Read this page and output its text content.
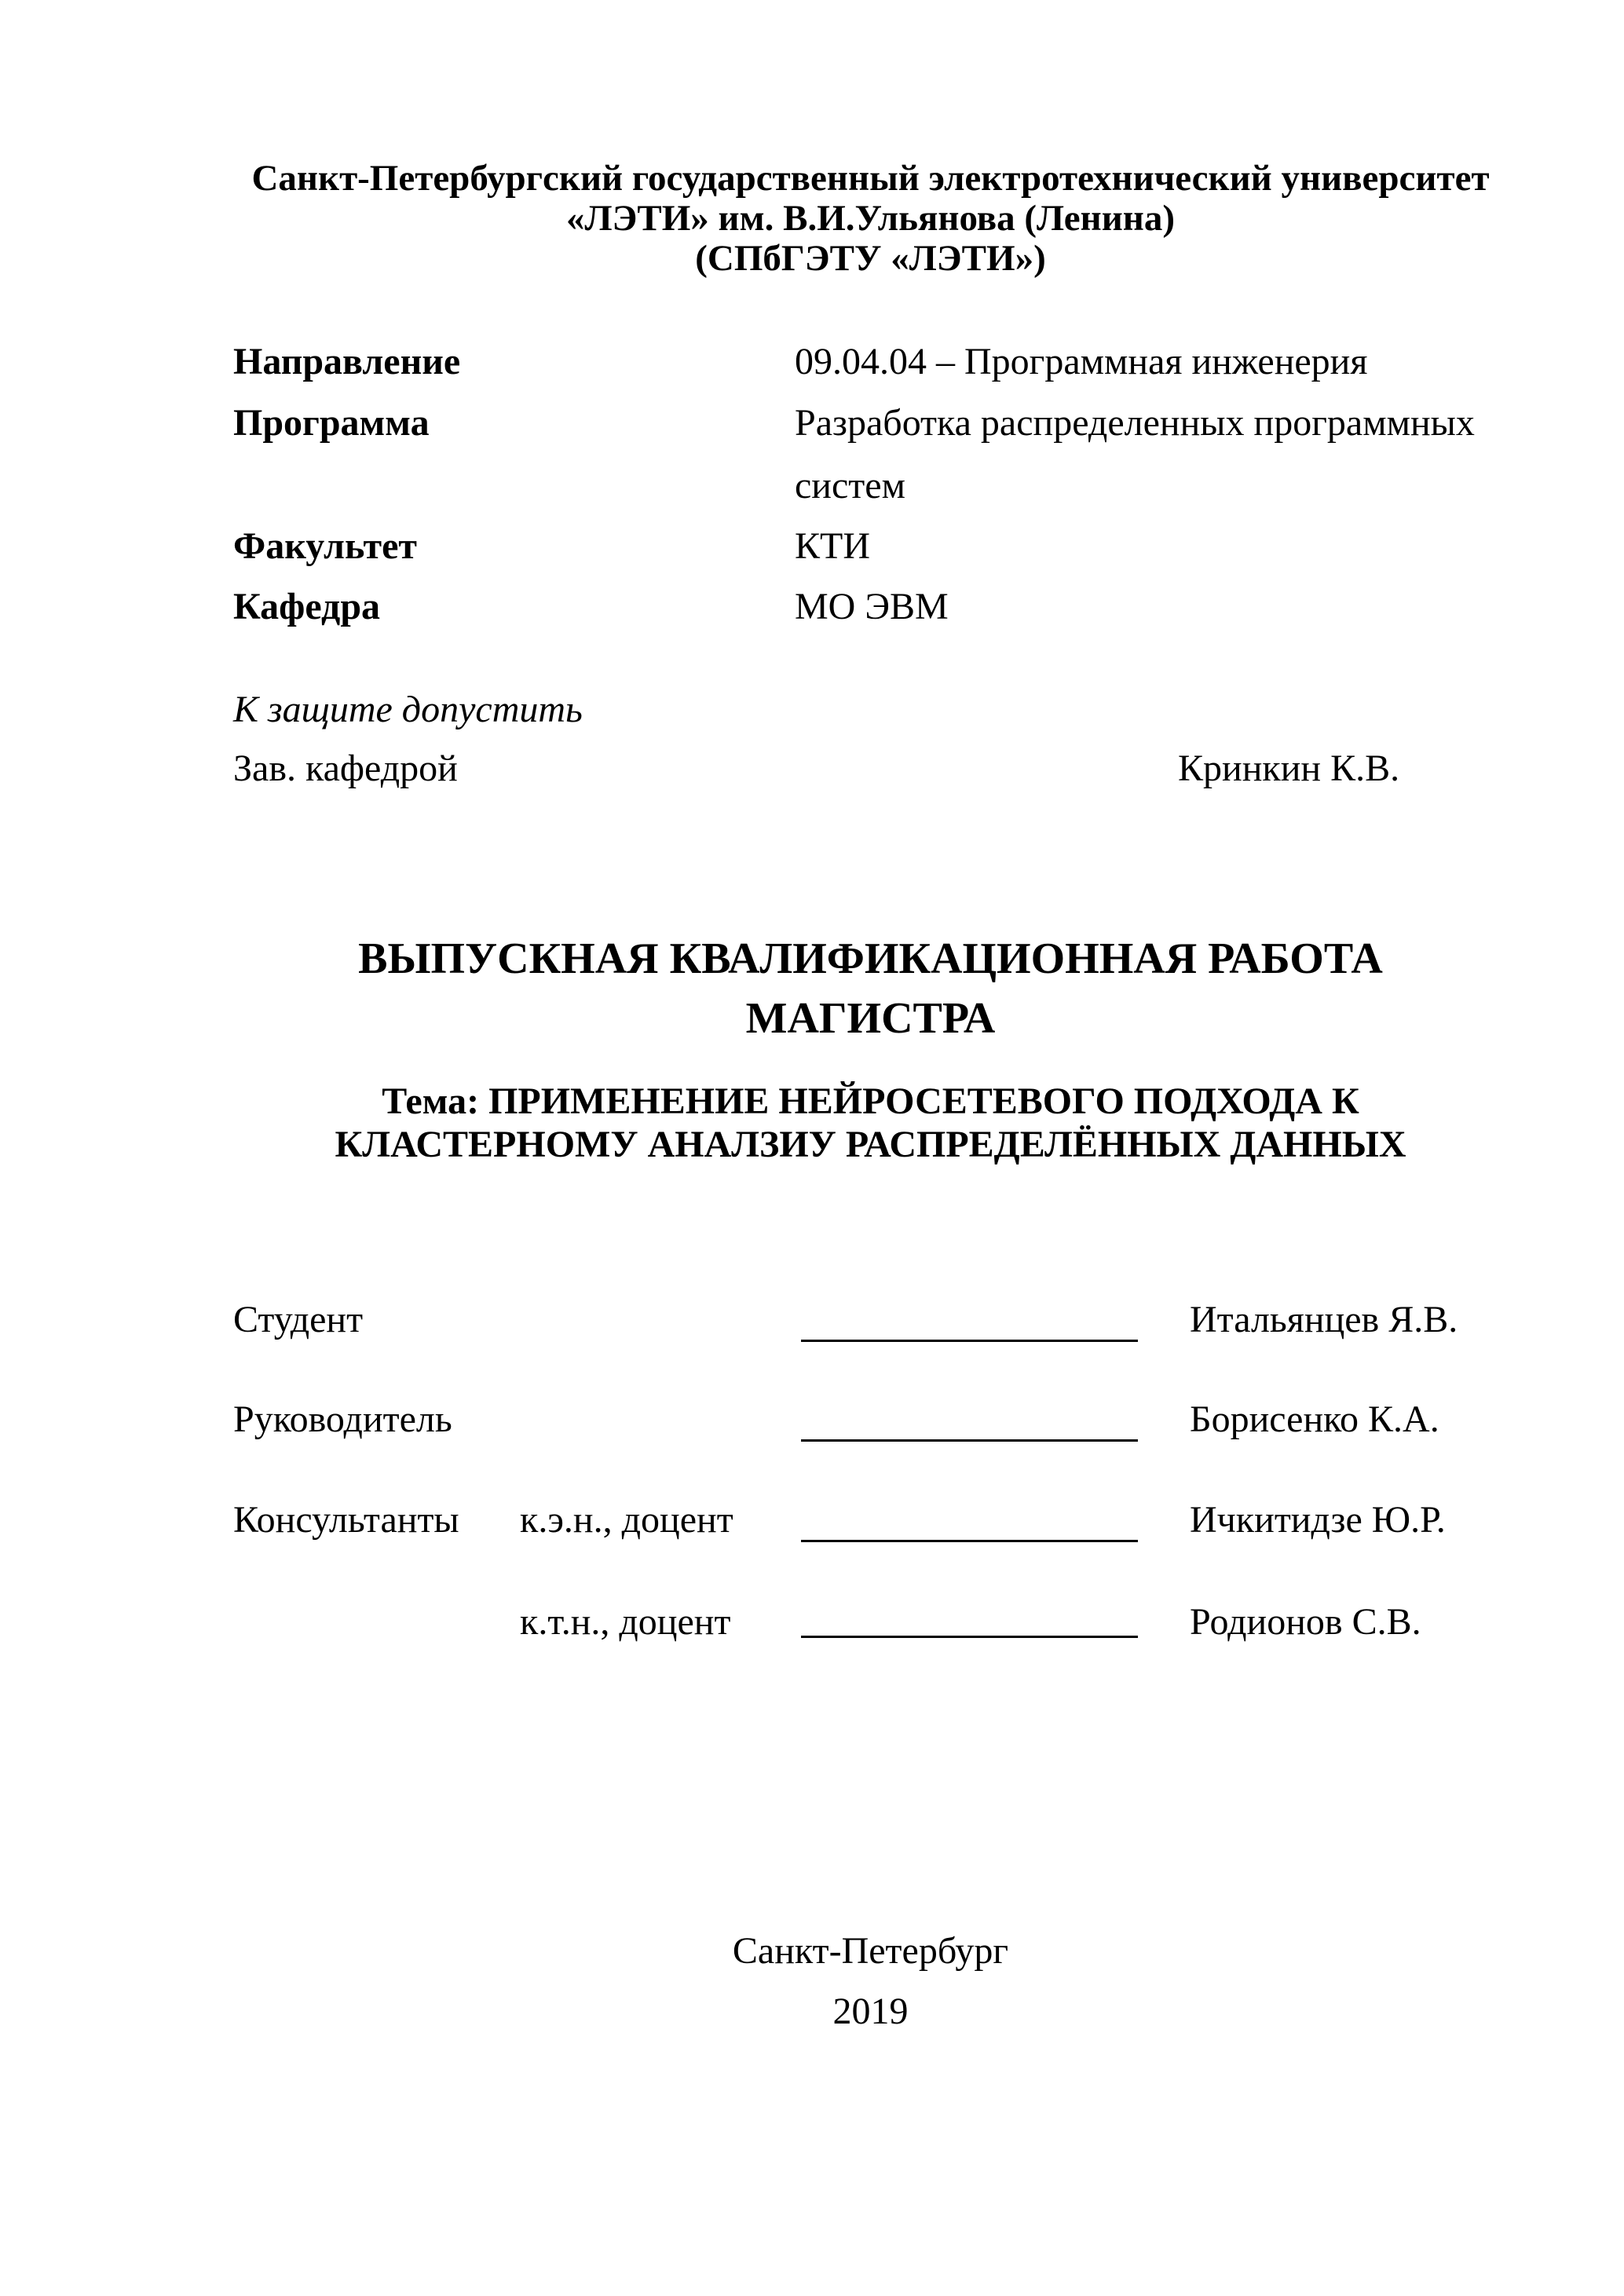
Санкт-Петербургский государственный электротехнический университет
«ЛЭТИ» им. В.И.Ульянова (Ленина)
(СПбГЭТУ «ЛЭТИ»)
Направление	09.04.04 – Программная инженерия
Программа	Разработка распределенных программных
систем
Факультет	КТИ
Кафедра	МО ЭВМ
К защите допустить
Зав. кафедрой	Кринкин К.В.
ВЫПУСКНАЯ КВАЛИФИКАЦИОННАЯ РАБОТА
МАГИСТРА
Тема: ПРИМЕНЕНИЕ НЕЙРОСЕТЕВОГО ПОДХОДА К
КЛАСТЕРНОМУ АНАЛЗИУ РАСПРЕДЕЛЁННЫХ ДАННЫХ
Студент	Итальянцев Я.В.
Руководитель	Борисенко К.А.
Консультанты к.э.н., доцент	Ичкитидзе Ю.Р.
к.т.н., доцент	Родионов С.В.
Санкт-Петербург
2019
